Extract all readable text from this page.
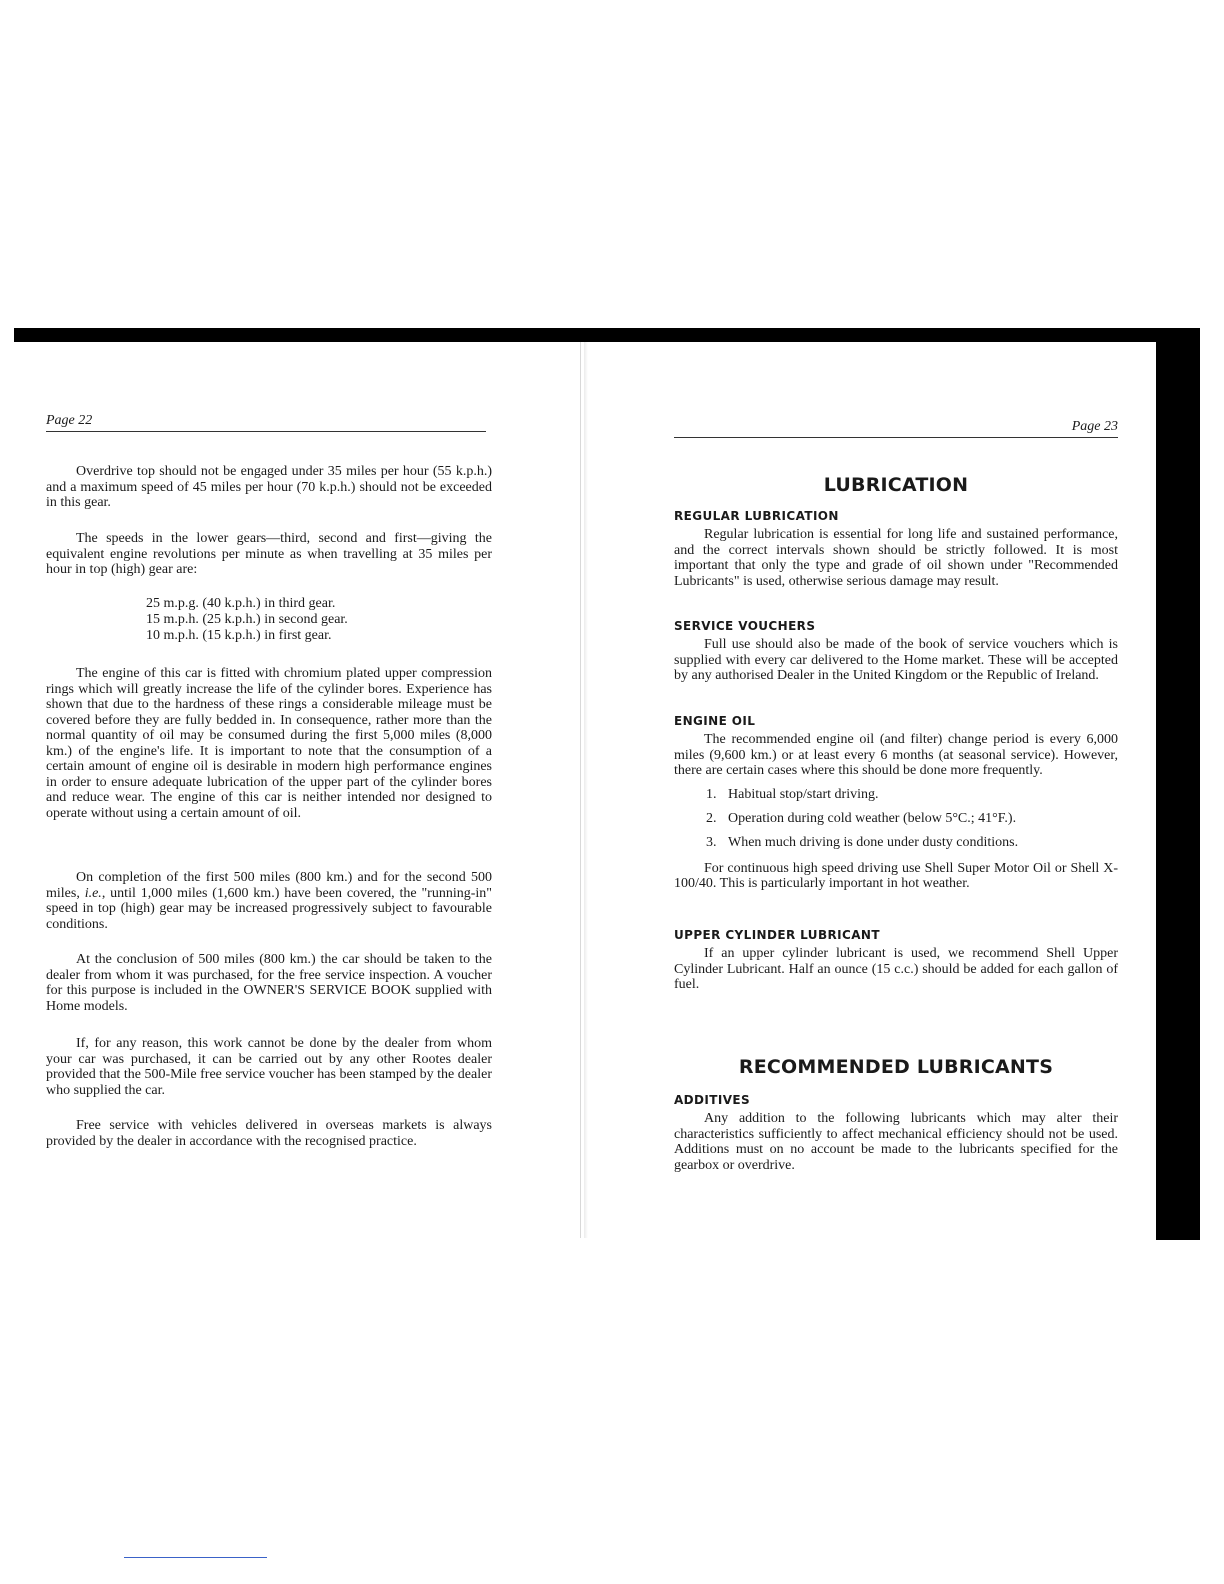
Page 22

Overdrive top should not be engaged under 35 miles per hour (55 k.p.h.) and a maximum speed of 45 miles per hour (70 k.p.h.) should not be exceeded in this gear.

The speeds in the lower gears—third, second and first—giving the equivalent engine revolutions per minute as when travelling at 35 miles per hour in top (high) gear are:

25 m.p.g. (40 k.p.h.) in third gear.
15 m.p.h. (25 k.p.h.) in second gear.
10 m.p.h. (15 k.p.h.) in first gear.

The engine of this car is fitted with chromium plated upper compression rings which will greatly increase the life of the cylinder bores. Experience has shown that due to the hardness of these rings a considerable mileage must be covered before they are fully bedded in. In consequence, rather more than the normal quantity of oil may be consumed during the first 5,000 miles (8,000 km.) of the engine's life. It is important to note that the consumption of a certain amount of engine oil is desirable in modern high performance engines in order to ensure adequate lubrication of the upper part of the cylinder bores and reduce wear. The engine of this car is neither intended nor designed to operate without using a certain amount of oil.

On completion of the first 500 miles (800 km.) and for the second 500 miles, i.e., until 1,000 miles (1,600 km.) have been covered, the "running-in" speed in top (high) gear may be increased progressively subject to favourable conditions.

At the conclusion of 500 miles (800 km.) the car should be taken to the dealer from whom it was purchased, for the free service inspection. A voucher for this purpose is included in the OWNER'S SERVICE BOOK supplied with Home models.

If, for any reason, this work cannot be done by the dealer from whom your car was purchased, it can be carried out by any other Rootes dealer provided that the 500-Mile free service voucher has been stamped by the dealer who supplied the car.

Free service with vehicles delivered in overseas markets is always provided by the dealer in accordance with the recognised practice.

Page 23
LUBRICATION
REGULAR LUBRICATION

Regular lubrication is essential for long life and sustained performance, and the correct intervals shown should be strictly followed. It is most important that only the type and grade of oil shown under "Recommended Lubricants" is used, otherwise serious damage may result.

SERVICE VOUCHERS

Full use should also be made of the book of service vouchers which is supplied with every car delivered to the Home market. These will be accepted by any authorised Dealer in the United Kingdom or the Republic of Ireland.

ENGINE OIL

The recommended engine oil (and filter) change period is every 6,000 miles (9,600 km.) or at least every 6 months (at seasonal service). However, there are certain cases where this should be done more frequently.

1. Habitual stop/start driving.
2. Operation during cold weather (below 5°C.; 41°F.).
3. When much driving is done under dusty conditions.

For continuous high speed driving use Shell Super Motor Oil or Shell X-100/40. This is particularly important in hot weather.

UPPER CYLINDER LUBRICANT

If an upper cylinder lubricant is used, we recommend Shell Upper Cylinder Lubricant. Half an ounce (15 c.c.) should be added for each gallon of fuel.

RECOMMENDED LUBRICANTS
ADDITIVES

Any addition to the following lubricants which may alter their characteristics sufficiently to affect mechanical efficiency should not be used. Additions must on no account be made to the lubricants specified for the gearbox or overdrive.
